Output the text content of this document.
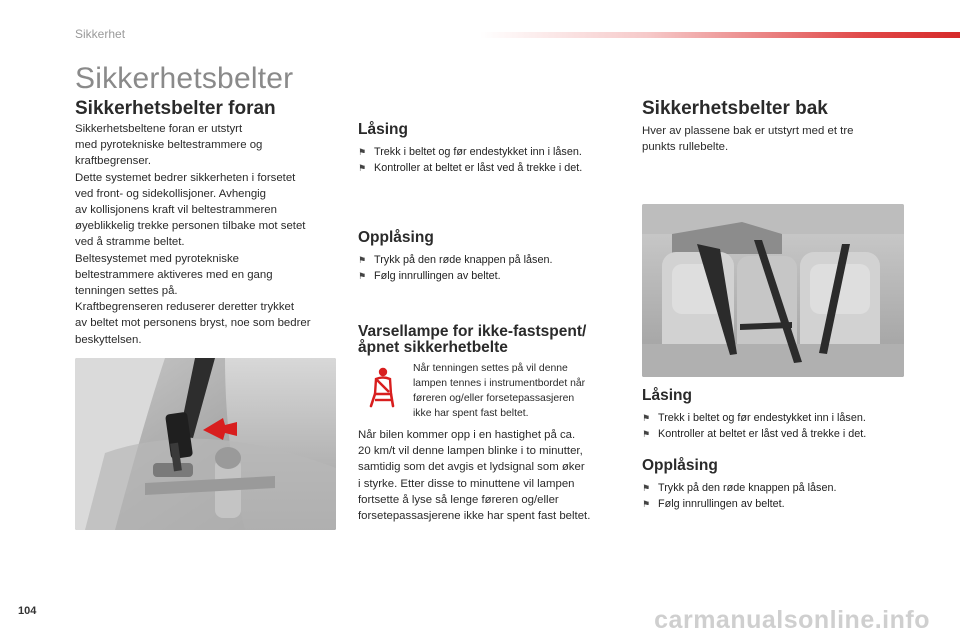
Sikkerhet
Sikkerhetsbelter
Sikkerhetsbelter foran
Sikkerhetsbeltene foran er utstyrt
med pyrotekniske beltestrammere og
kraftbegrenser.
Dette systemet bedrer sikkerheten i forsetet
ved front- og sidekollisjoner. Avhengig
av kollisjonens kraft vil beltestrammeren
øyeblikkelig trekke personen tilbake mot setet
ved å stramme beltet.
Beltesystemet med pyrotekniske
beltestrammere aktiveres med en gang
tenningen settes på.
Kraftbegrenseren reduserer deretter trykket
av beltet mot personens bryst, noe som bedrer
beskyttelsen.
Låsing
⚑ Trekk i beltet og før endestykket inn i låsen.
⚑ Kontroller at beltet er låst ved å trekke i det.
Opplåsing
⚑ Trykk på den røde knappen på låsen.
⚑ Følg innrullingen av beltet.
Varsellampe for ikke-fastspent/
åpnet sikkerhetbelte
Når tenningen settes på vil denne
lampen tennes i instrumentbordet når
føreren og/eller forsetepassasjeren
ikke har spent fast beltet.
Når bilen kommer opp i en hastighet på ca.
20 km/t vil denne lampen blinke i to minutter,
samtidig som det avgis et lydsignal som øker
i styrke. Etter disse to minuttene vil lampen
fortsette å lyse så lenge føreren og/eller
forsetepassasjerene ikke har spent fast beltet.
Sikkerhetsbelter bak
Hver av plassene bak er utstyrt med et tre
punkts rullebelte.
Låsing
⚑ Trekk i beltet og før endestykket inn i låsen.
⚑ Kontroller at beltet er låst ved å trekke i det.
Opplåsing
⚑ Trykk på den røde knappen på låsen.
⚑ Følg innrullingen av beltet.
104	carmanualsonline.info
